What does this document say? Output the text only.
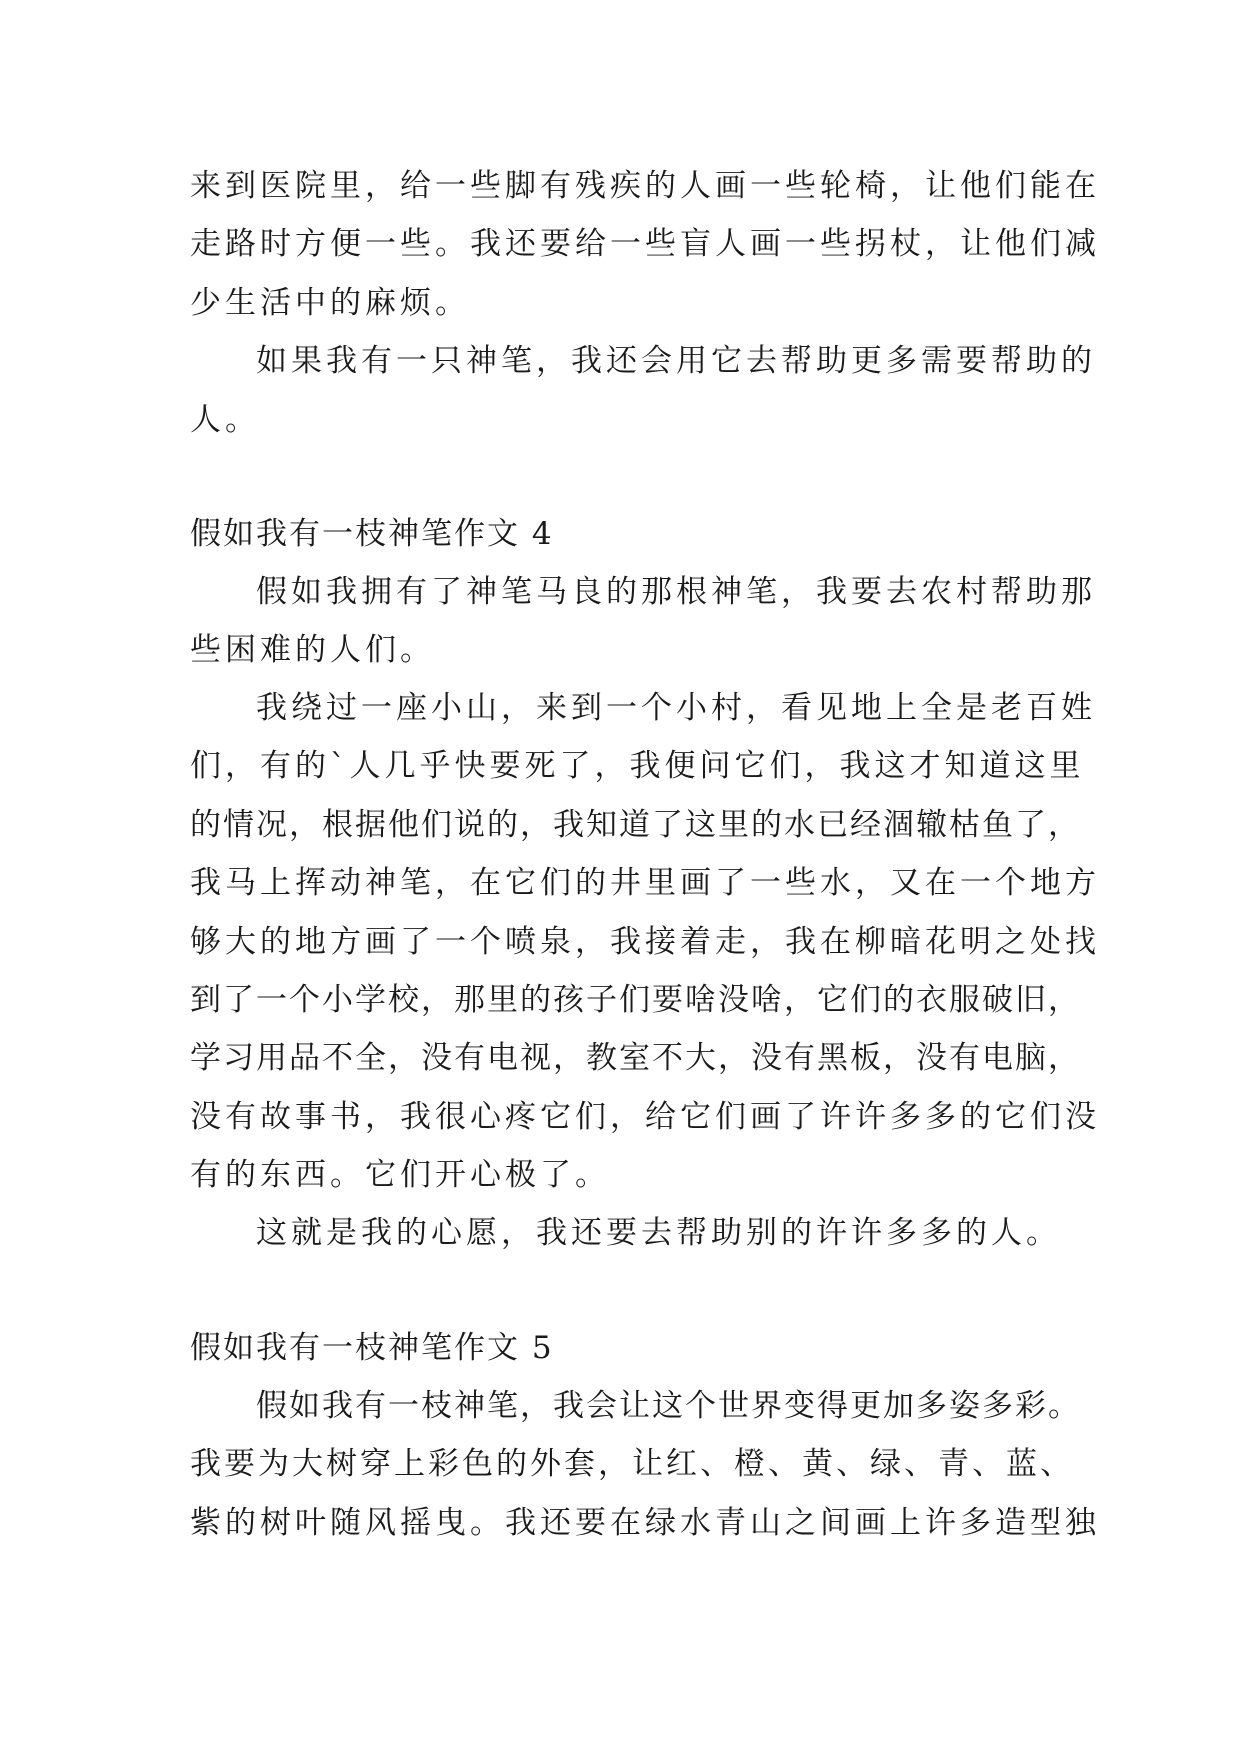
来到医院里，给一些脚有残疾的人画一些轮椅，让他们能在
走路时方便一些。我还要给一些盲人画一些拐杖，让他们减
少生活中的麻烦。
如果我有一只神笔，我还会用它去帮助更多需要帮助的
人。
假如我有一枝神笔作文 4
假如我拥有了神笔马良的那根神笔，我要去农村帮助那
些困难的人们。
我绕过一座小山，来到一个小村，看见地上全是老百姓
们，有的`人几乎快要死了，我便问它们，我这才知道这里
的情况，根据他们说的，我知道了这里的水已经涸辙枯鱼了，
我马上挥动神笔，在它们的井里画了一些水，又在一个地方
够大的地方画了一个喷泉，我接着走，我在柳暗花明之处找
到了一个小学校，那里的孩子们要啥没啥，它们的衣服破旧，
学习用品不全，没有电视，教室不大，没有黑板，没有电脑，
没有故事书，我很心疼它们，给它们画了许许多多的它们没
有的东西。它们开心极了。
这就是我的心愿，我还要去帮助别的许许多多的人。
假如我有一枝神笔作文 5
假如我有一枝神笔，我会让这个世界变得更加多姿多彩。
我要为大树穿上彩色的外套，让红、橙、黄、绿、青、蓝、
紫的树叶随风摇曳。我还要在绿水青山之间画上许多造型独
